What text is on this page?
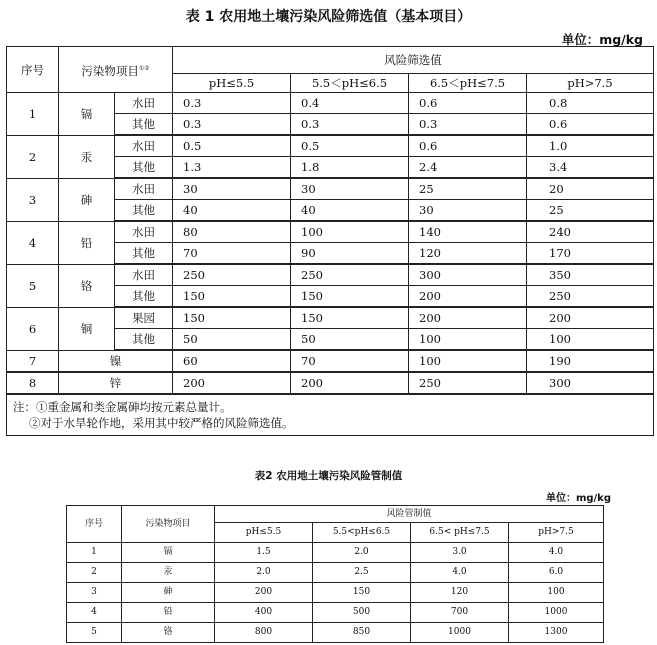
表 1 农用地土壤污染风险筛选值（基本项目）
单位：mg/kg
序号	污染物项目①②		风险筛选值			
			pH≤5.5	5.5＜pH≤6.5	6.5＜pH≤7.5	pH>7.5
1	镉	水田	0.3	0.4	0.6	0.8
		其他	0.3	0.3	0.3	0.6
2	汞	水田	0.5	0.5	0.6	1.0
		其他	1.3	1.8	2.4	3.4
3	砷	水田	30	30	25	20
		其他	40	40	30	25
4	铅	水田	80	100	140	240
		其他	70	90	120	170
5	铬	水田	250	250	300	350
		其他	150	150	200	250
6	铜	果园	150	150	200	200
		其他	50	50	100	100
7	镍		60	70	100	190
8	锌		200	200	250	300

注：①重金属和类金属砷均按元素总量计。
②对于水旱轮作地，采用其中较严格的风险筛选值。						
表2 农用地土壤污染风险管制值
单位：mg/kg
序号	污染物项目	风险管制值			
		pH≤5.5	5.5<pH≤6.5	6.5< pH≤7.5	pH>7.5
1	镉	1.5	2.0	3.0	4.0
2	汞	2.0	2.5	4.0	6.0
3	砷	200	150	120	100
4	铅	400	500	700	1000
5	铬	800	850	1000	1300
